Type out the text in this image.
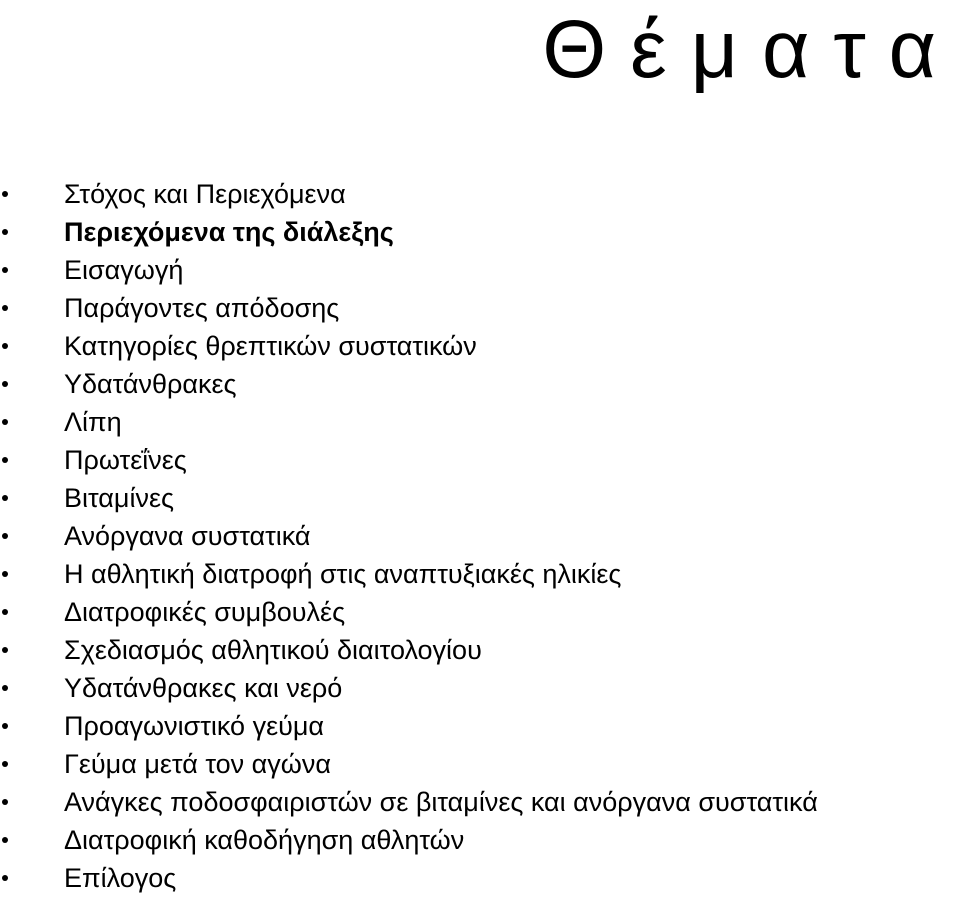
Θέματα
Στόχος και Περιεχόμενα
Περιεχόμενα της διάλεξης
Εισαγωγή
Παράγοντες απόδοσης
Κατηγορίες θρεπτικών συστατικών
Υδατάνθρακες
Λίπη
Πρωτεΐνες
Βιταμίνες
Ανόργανα συστατικά
Η αθλητική διατροφή στις αναπτυξιακές ηλικίες
Διατροφικές συμβουλές
Σχεδιασμός αθλητικού διαιτολογίου
Υδατάνθρακες και νερό
Προαγωνιστικό γεύμα
Γεύμα μετά τον αγώνα
Ανάγκες ποδοσφαιριστών σε βιταμίνες και ανόργανα συστατικά
Διατροφική καθοδήγηση αθλητών
Επίλογος
